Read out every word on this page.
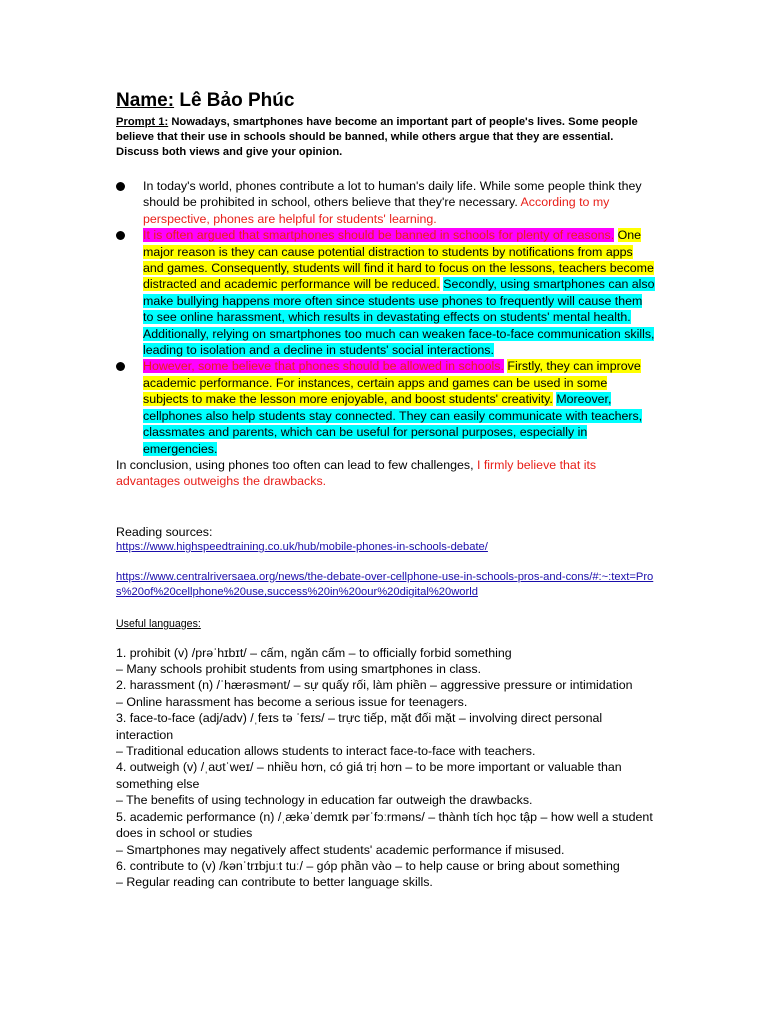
Name: Lê Bảo Phúc
Prompt 1: Nowadays, smartphones have become an important part of people's lives. Some people believe that their use in schools should be banned, while others argue that they are essential. Discuss both views and give your opinion.
In today's world, phones contribute a lot to human's daily life. While some people think they should be prohibited in school, others believe that they're necessary. According to my perspective, phones are helpful for students' learning.
It is often argued that smartphones should be banned in schools for plenty of reasons. One major reason is they can cause potential distraction to students by notifications from apps and games. Consequently, students will find it hard to focus on the lessons, teachers become distracted and academic performance will be reduced. Secondly, using smartphones can also make bullying happens more often since students use phones to frequently will cause them to see online harassment, which results in devastating effects on students' mental health. Additionally, relying on smartphones too much can weaken face-to-face communication skills, leading to isolation and a decline in students' social interactions.
However, some believe that phones should be allowed in schools. Firstly, they can improve academic performance. For instances, certain apps and games can be used in some subjects to make the lesson more enjoyable, and boost students' creativity. Moreover, cellphones also help students stay connected. They can easily communicate with teachers, classmates and parents, which can be useful for personal purposes, especially in emergencies.
In conclusion, using phones too often can lead to few challenges, I firmly believe that its advantages outweighs the drawbacks.
Reading sources:
https://www.highspeedtraining.co.uk/hub/mobile-phones-in-schools-debate/
https://www.centralriversaea.org/news/the-debate-over-cellphone-use-in-schools-pros-and-cons/#:~:text=Pros%20of%20cellphone%20use,success%20in%20our%20digital%20world
Useful languages:
1. prohibit (v) /prəˈhɪbɪt/ – cấm, ngăn cấm – to officially forbid something
– Many schools prohibit students from using smartphones in class.
2. harassment (n) /ˈhærəsmənt/ – sự quấy rối, làm phiền – aggressive pressure or intimidation
– Online harassment has become a serious issue for teenagers.
3. face-to-face (adj/adv) /ˌfeɪs tə ˈfeɪs/ – trực tiếp, mặt đối mặt – involving direct personal interaction
– Traditional education allows students to interact face-to-face with teachers.
4. outweigh (v) /ˌaʊtˈweɪ/ – nhiều hơn, có giá trị hơn – to be more important or valuable than something else
– The benefits of using technology in education far outweigh the drawbacks.
5. academic performance (n) /ˌækəˈdemɪk pərˈfɔːrməns/ – thành tích học tập – how well a student does in school or studies
– Smartphones may negatively affect students' academic performance if misused.
6. contribute to (v) /kənˈtrɪbjuːt tuː/ – góp phần vào – to help cause or bring about something
– Regular reading can contribute to better language skills.
